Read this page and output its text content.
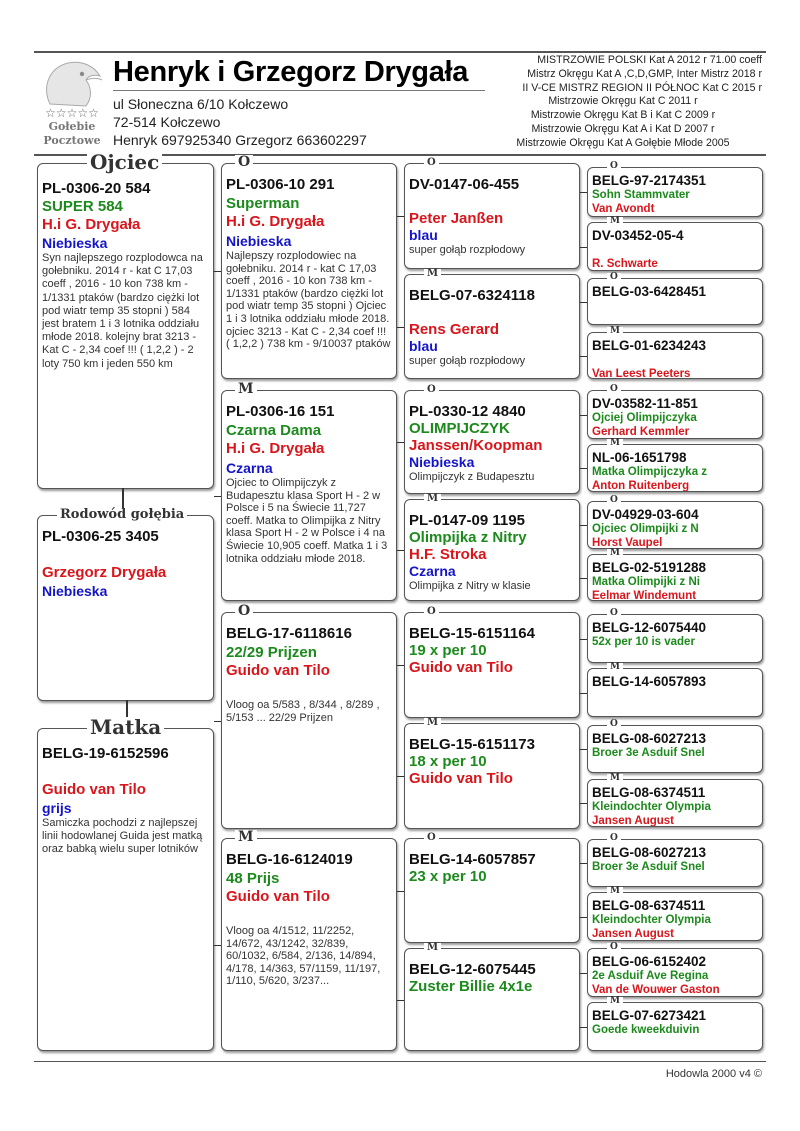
☆☆☆☆☆
Gołebie
Pocztowe
Henryk i Grzegorz Drygała
ul Słoneczna 6/10 Kołczewo
72-514 Kołczewo
Henryk 697925340 Grzegorz 663602297
MISTRZOWIE POLSKI Kat A 2012 r 71.00 coeff
Mistrz Okręgu Kat A ,C,D,GMP, Inter Mistrz 2018 r
II V-CE MISTRZ REGION II PÓŁNOC Kat C 2015 r
Mistrzowie Okręgu Kat C 2011 r
Mistrzowie Okręgu Kat B i Kat C 2009 r
Mistrzowie Okręgu Kat A i Kat D 2007 r
Mistrzowie Okręgu Kat A Gołębie Młode 2005
PL-0306-20 584
SUPER 584
H.i G. Drygała
Niebieska
Syn najlepszego rozplodowca na gołebniku. 2014 r - kat C 17,03 coeff , 2016 - 10 kon 738 km - 1/1331 ptaków (bardzo ciężki lot pod wiatr temp 35 stopni ) 584 jest bratem 1 i 3 lotnika oddziału młode 2018. kolejny brat 3213 - Kat C - 2,34 coef !!! ( 1,2,2 ) - 2 loty 750 km i jeden 550 km
Ojciec
PL-0306-25 3405

Grzegorz Drygała
Niebieska
Rodowód gołębia
BELG-19-6152596

Guido van Tilo
grijs
Samiczka pochodzi z najlepszej linii hodowlanej Guida jest matką oraz babką wielu super lotników
Matka
PL-0306-10 291
Superman
H.i G. Drygała
Niebieska
Najlepszy rozplodowiec na gołebniku. 2014 r - kat C 17,03 coeff , 2016 - 10 kon 738 km - 1/1331 ptaków (bardzo ciężki lot pod wiatr temp 35 stopni ) Ojciec 1 i 3 lotnika oddziału młode 2018. ojciec 3213 - Kat C - 2,34 coef !!! ( 1,2,2 ) 738 km - 9/10037 ptaków
O
PL-0306-16 151
Czarna Dama
H.i G. Drygała
Czarna
Ojciec to Olimpijczyk z Budapesztu klasa Sport H - 2 w Polsce i 5 na Świecie 11,727 coeff. Matka to Olimpijka z Nitry klasa Sport H - 2 w Polsce i 4 na Świecie 10,905 coeff. Matka 1 i 3 lotnika oddziału młode 2018.
M
BELG-17-6118616
22/29 Prijzen
Guido van Tilo

Vloog oa 5/583 , 8/344 , 8/289 , 5/153 ... 22/29 Prijzen
O
BELG-16-6124019
48 Prijs
Guido van Tilo

Vloog oa 4/1512, 11/2252, 14/672, 43/1242, 32/839, 60/1032, 6/584, 2/136, 14/894, 4/178, 14/363, 57/1159, 11/197, 1/110, 5/620, 3/237...
M
DV-0147-06-455

Peter Janßen
blau
super gołąb rozpłodowy
O
BELG-07-6324118

Rens Gerard
blau
super gołąb rozpłodowy
M
PL-0330-12 4840
OLIMPIJCZYK
Janssen/Koopman
Niebieska
Olimpijczyk z Budapesztu
O
PL-0147-09 1195
Olimpijka z Nitry
H.F. Stroka
Czarna
Olimpijka z Nitry w klasie
M
BELG-15-6151164
19 x per 10
Guido van Tilo

O
BELG-15-6151173
18 x per 10
Guido van Tilo

M
BELG-14-6057857
23 x per 10

O
BELG-12-6075445
Zuster Billie 4x1e

M
BELG-97-2174351
Sohn Stammvater
Van Avondt
O
DV-03452-05-4

R. Schwarte
M
BELG-03-6428451

O
BELG-01-6234243

Van Leest Peeters
M
DV-03582-11-851
Ojciej Olimpijczyka
Gerhard Kemmler
O
NL-06-1651798
Matka Olimpijczyka z
Anton Ruitenberg
M
DV-04929-03-604
Ojciec Olimpijki z N
Horst Vaupel
O
BELG-02-5191288
Matka Olimpijki z Ni
Eelmar Windemunt
M
BELG-12-6075440
52x per 10 is vader

O
BELG-14-6057893

M
BELG-08-6027213
Broer 3e Asduif Snel

O
BELG-08-6374511
Kleindochter Olympia
Jansen August
M
BELG-08-6027213
Broer 3e Asduif Snel

O
BELG-08-6374511
Kleindochter Olympia
Jansen August
M
BELG-06-6152402
2e Asduif Ave Regina
Van de Wouwer Gaston
O
BELG-07-6273421
Goede kweekduivin

M
Hodowla 2000 v4 ©
